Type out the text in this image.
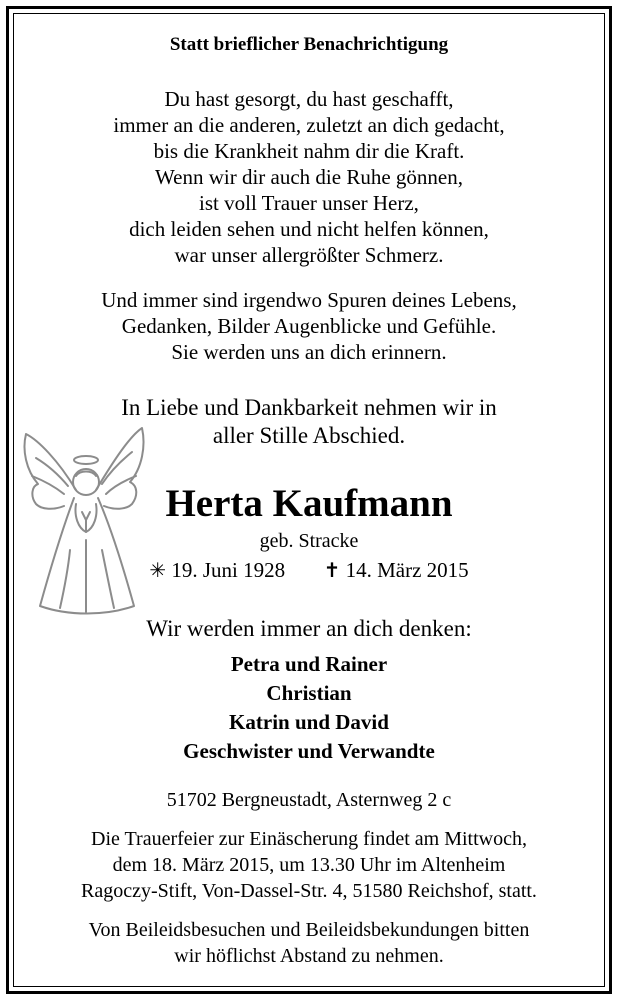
Statt brieflicher Benachrichtigung
Du hast gesorgt, du hast geschafft,
immer an die anderen, zuletzt an dich gedacht,
bis die Krankheit nahm dir die Kraft.
Wenn wir dir auch die Ruhe gönnen,
ist voll Trauer unser Herz,
dich leiden sehen und nicht helfen können,
war unser allergrößter Schmerz.
Und immer sind irgendwo Spuren deines Lebens,
Gedanken, Bilder Augenblicke und Gefühle.
Sie werden uns an dich erinnern.
In Liebe und Dankbarkeit nehmen wir in
aller Stille Abschied.
Herta Kaufmann
geb. Stracke
✳ 19. Juni 1928 ✝ 14. März 2015
Wir werden immer an dich denken:
Petra und Rainer
Christian
Katrin und David
Geschwister und Verwandte
51702 Bergneustadt, Asternweg 2 c
Die Trauerfeier zur Einäscherung findet am Mittwoch,
dem 18. März 2015, um 13.30 Uhr im Altenheim
Ragoczy-Stift, Von-Dassel-Str. 4, 51580 Reichshof, statt.
Von Beileidsbesuchen und Beileidsbekundungen bitten
wir höflichst Abstand zu nehmen.
